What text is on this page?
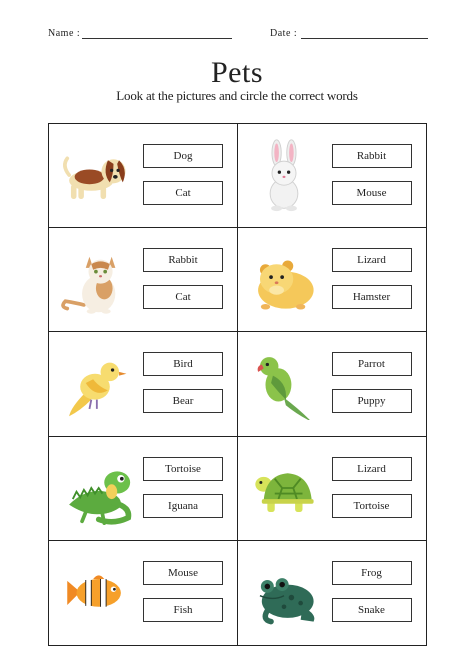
Name :	Date :
Pets
Look at the pictures and circle the correct words
Dog
Cat
Rabbit
Mouse
Rabbit
Cat
Lizard
Hamster
Bird
Bear
Parrot
Puppy
Tortoise
Iguana
Lizard
Tortoise
Mouse
Fish
Frog
Snake
